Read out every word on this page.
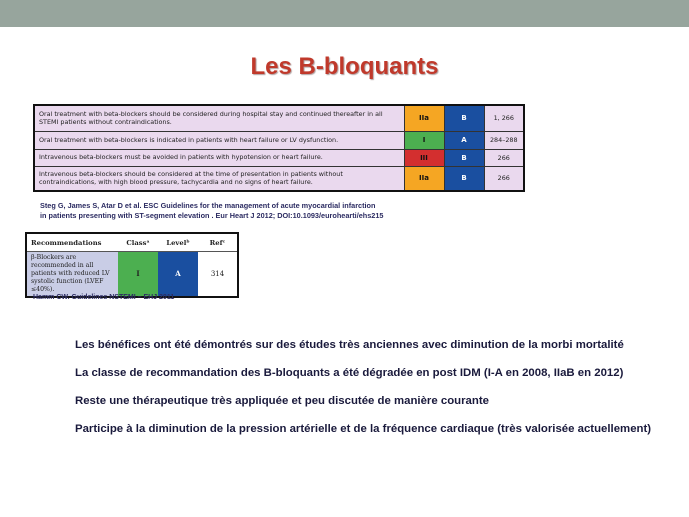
Les B-bloquants
Oral treatment with beta-blockers should be considered during hospital stay and continued thereafter in all STEMI patients without contraindications.	IIa	B	1, 266
Oral treatment with beta-blockers is indicated in patients with heart failure or LV dysfunction.	I	A	284–288
Intravenous beta-blockers must be avoided in patients with hypotension or heart failure.	III	B	266
Intravenous beta-blockers should be considered at the time of presentation in patients without contraindications, with high blood pressure, tachycardia and no signs of heart failure.	IIa	B	266
Steg G, James S, Atar D et al. ESC Guidelines for the management of acute myocardial infarction
in patients presenting with ST-segment elevation . Eur Heart J 2012; DOI:10.1093/eurohearti/ehs215
Recommendations	Classᵃ	Levelᵇ	Refᶜ
β-Blockers are recommended in all patients with reduced LV systolic function (LVEF ≤40%).	I	A	314
Hamm CW. Guidelines NSTEMI – EHJ 2011
Les bénéfices ont été démontrés sur des études très anciennes avec diminution de la morbi mortalité
La classe de recommandation des B-bloquants a été dégradée en post IDM (I-A en 2008, IIaB en 2012)
Reste une thérapeutique très appliquée et peu discutée de manière courante
Participe à la diminution de la pression artérielle et de la fréquence cardiaque (très valorisée actuellement)
